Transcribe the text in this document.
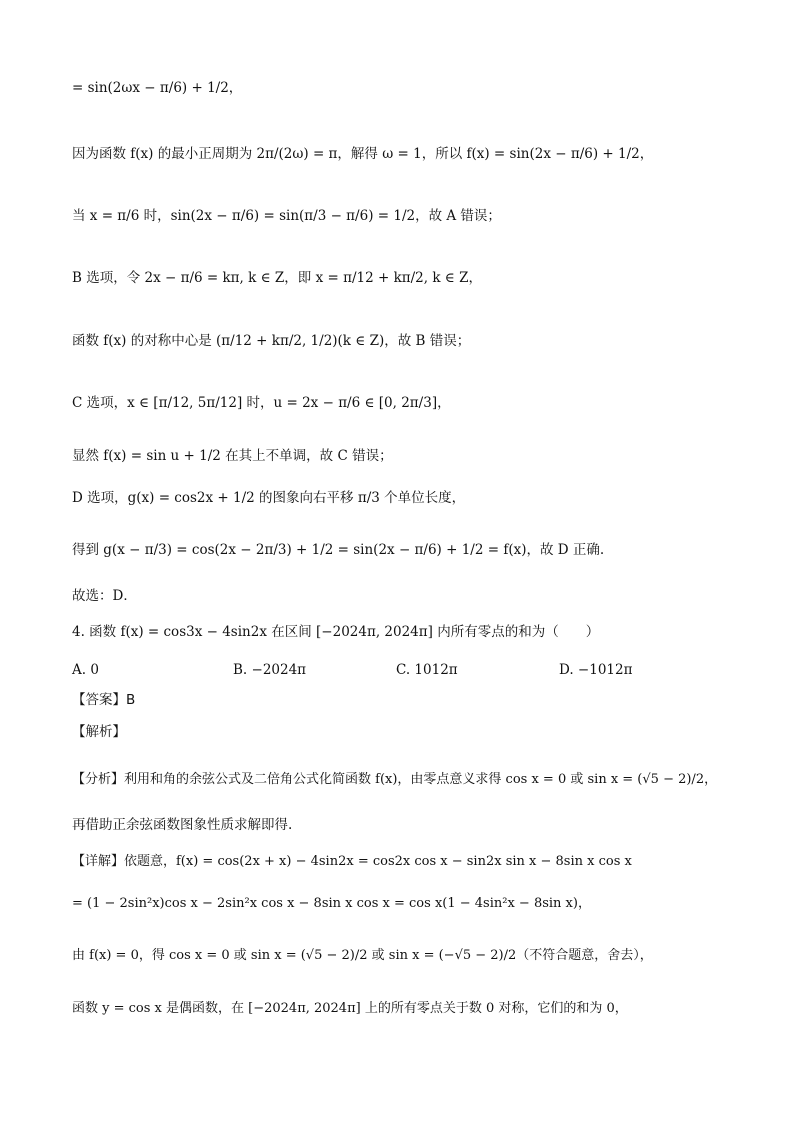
= sin(2ωx − π/6) + 1/2，
因为函数 f(x) 的最小正周期为 2π/(2ω) = π，解得 ω = 1，所以 f(x) = sin(2x − π/6) + 1/2，
当 x = π/6 时，sin(2x − π/6) = sin(π/3 − π/6) = 1/2，故 A 错误；
B 选项，令 2x − π/6 = kπ, k ∈ Z，即 x = π/12 + kπ/2, k ∈ Z，
函数 f(x) 的对称中心是 (π/12 + kπ/2, 1/2)(k ∈ Z)，故 B 错误；
C 选项，x ∈ [π/12, 5π/12] 时，u = 2x − π/6 ∈ [0, 2π/3]，
显然 f(x) = sin u + 1/2 在其上不单调，故 C 错误；
D 选项，g(x) = cos2x + 1/2 的图象向右平移 π/3 个单位长度，
得到 g(x − π/3) = cos(2x − 2π/3) + 1/2 = sin(2x − π/6) + 1/2 = f(x)，故 D 正确.
故选：D．
4. 函数 f(x) = cos3x − 4sin2x 在区间 [−2024π, 2024π] 内所有零点的和为（　　）
A. 0	B. −2024π	C. 1012π	D. −1012π
【答案】B
【解析】
【分析】利用和角的余弦公式及二倍角公式化简函数 f(x)，由零点意义求得 cos x = 0 或 sin x = (√5 − 2)/2，
再借助正余弦函数图象性质求解即得.
【详解】依题意，f(x) = cos(2x + x) − 4sin2x = cos2x cos x − sin2x sin x − 8sin x cos x
= (1 − 2sin²x)cos x − 2sin²x cos x − 8sin x cos x = cos x(1 − 4sin²x − 8sin x)，
由 f(x) = 0，得 cos x = 0 或 sin x = (√5 − 2)/2 或 sin x = (−√5 − 2)/2（不符合题意，舍去），
函数 y = cos x 是偶函数，在 [−2024π, 2024π] 上的所有零点关于数 0 对称，它们的和为 0，
